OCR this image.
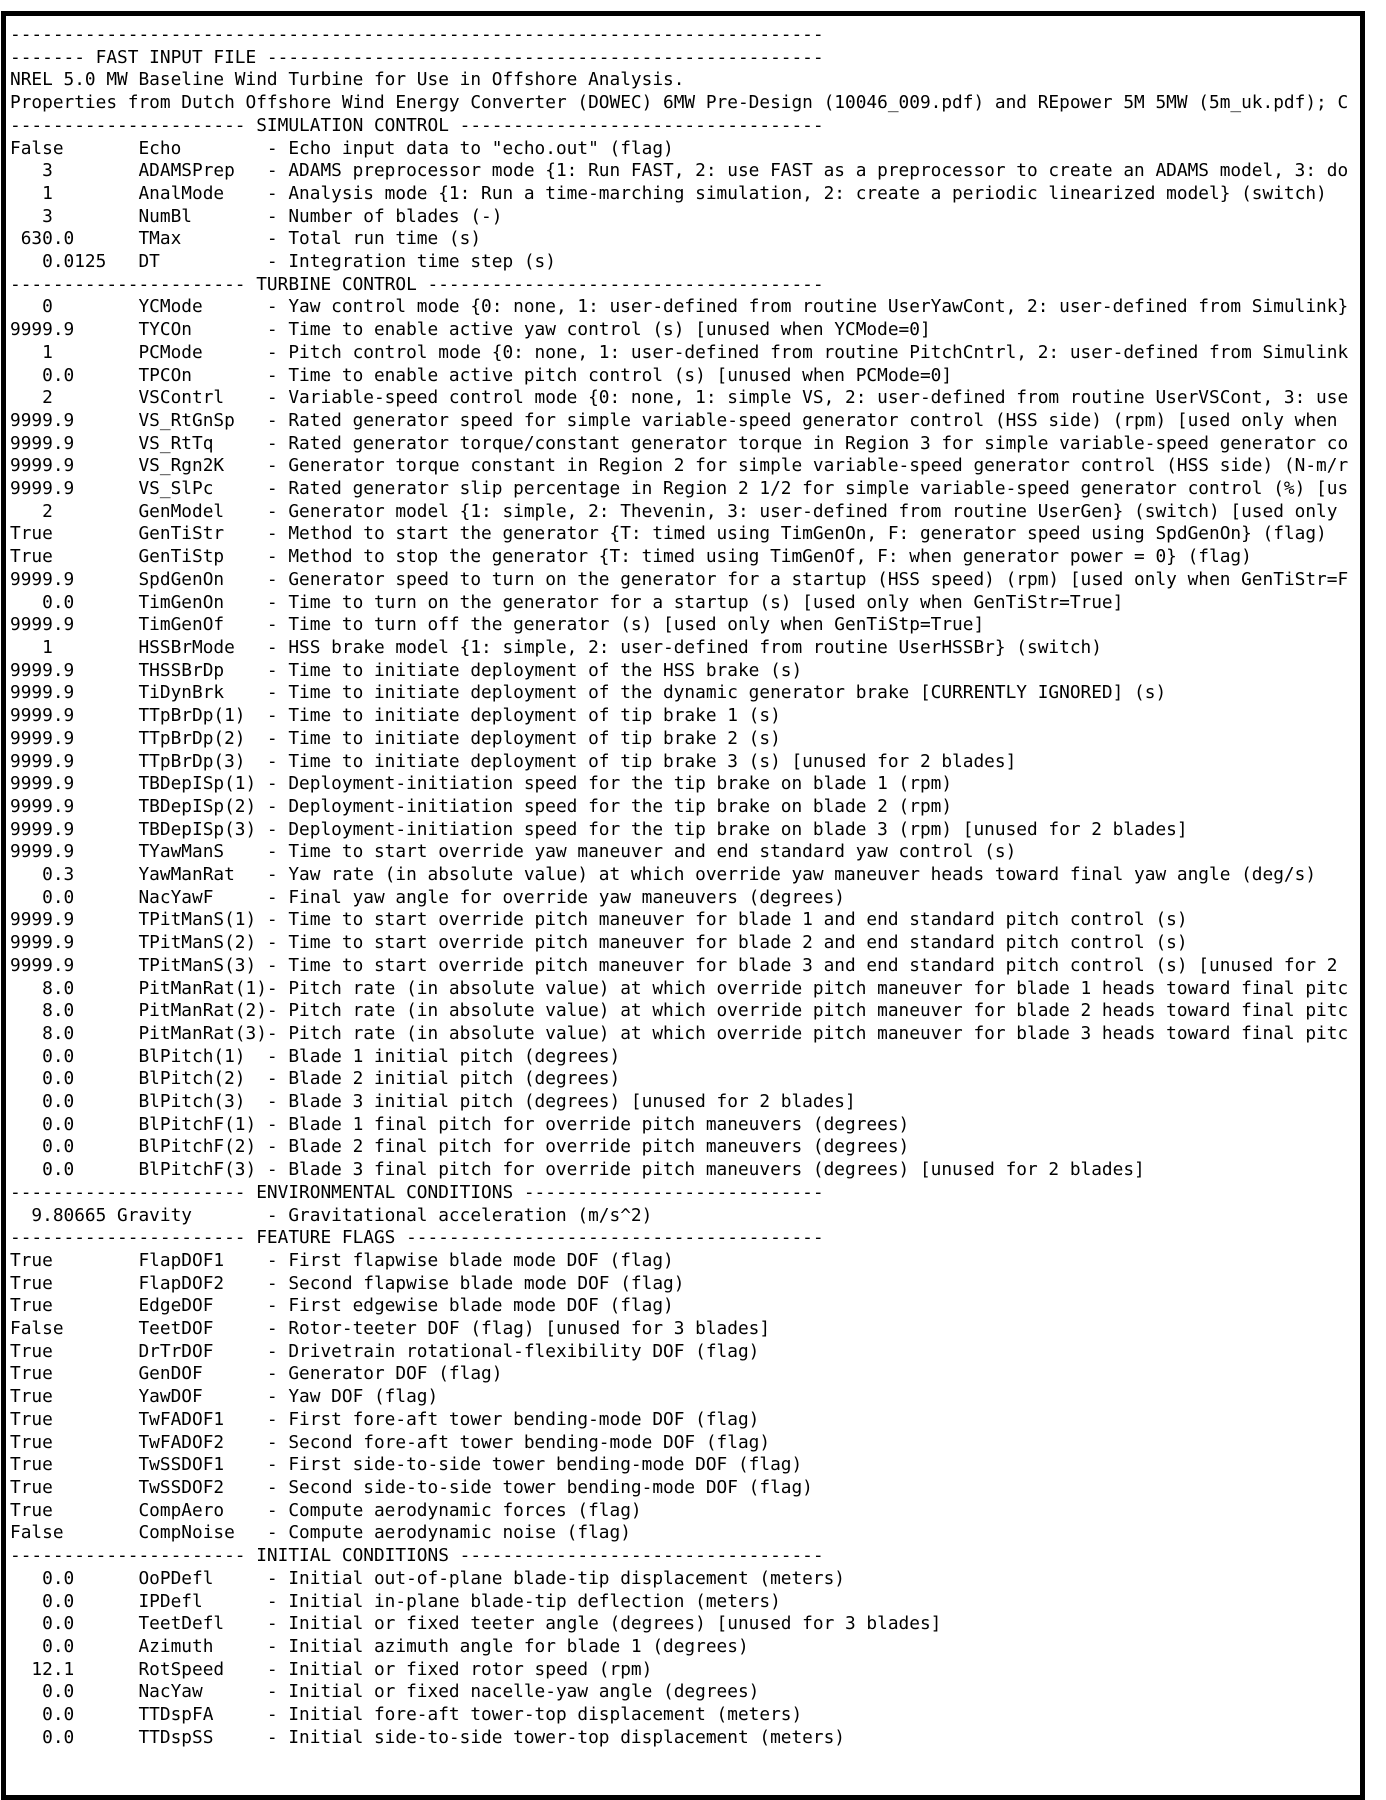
----------------------------------------------------------------------------
------- FAST INPUT FILE ----------------------------------------------------
NREL 5.0 MW Baseline Wind Turbine for Use in Offshore Analysis.
Properties from Dutch Offshore Wind Energy Converter (DOWEC) 6MW Pre-Design (10046_009.pdf) and REpower 5M 5MW (5m_uk.pdf); C
---------------------- SIMULATION CONTROL ----------------------------------
False       Echo        - Echo input data to "echo.out" (flag)
3        ADAMSPrep   - ADAMS preprocessor mode {1: Run FAST, 2: use FAST as a preprocessor to create an ADAMS model, 3: do
1        AnalMode    - Analysis mode {1: Run a time-marching simulation, 2: create a periodic linearized model} (switch)
3        NumBl       - Number of blades (-)
630.0      TMax        - Total run time (s)
0.0125   DT          - Integration time step (s)
---------------------- TURBINE CONTROL -------------------------------------
0        YCMode      - Yaw control mode {0: none, 1: user-defined from routine UserYawCont, 2: user-defined from Simulink}
9999.9      TYCOn       - Time to enable active yaw control (s) [unused when YCMode=0]
1        PCMode      - Pitch control mode {0: none, 1: user-defined from routine PitchCntrl, 2: user-defined from Simulink
0.0      TPCOn       - Time to enable active pitch control (s) [unused when PCMode=0]
2        VSContrl    - Variable-speed control mode {0: none, 1: simple VS, 2: user-defined from routine UserVSCont, 3: use
9999.9      VS_RtGnSp   - Rated generator speed for simple variable-speed generator control (HSS side) (rpm) [used only when
9999.9      VS_RtTq     - Rated generator torque/constant generator torque in Region 3 for simple variable-speed generator co
9999.9      VS_Rgn2K    - Generator torque constant in Region 2 for simple variable-speed generator control (HSS side) (N-m/r
9999.9      VS_SlPc     - Rated generator slip percentage in Region 2 1/2 for simple variable-speed generator control (%) [us
2        GenModel    - Generator model {1: simple, 2: Thevenin, 3: user-defined from routine UserGen} (switch) [used only
True        GenTiStr    - Method to start the generator {T: timed using TimGenOn, F: generator speed using SpdGenOn} (flag)
True        GenTiStp    - Method to stop the generator {T: timed using TimGenOf, F: when generator power = 0} (flag)
9999.9      SpdGenOn    - Generator speed to turn on the generator for a startup (HSS speed) (rpm) [used only when GenTiStr=F
0.0      TimGenOn    - Time to turn on the generator for a startup (s) [used only when GenTiStr=True]
9999.9      TimGenOf    - Time to turn off the generator (s) [used only when GenTiStp=True]
1        HSSBrMode   - HSS brake model {1: simple, 2: user-defined from routine UserHSSBr} (switch)
9999.9      THSSBrDp    - Time to initiate deployment of the HSS brake (s)
9999.9      TiDynBrk    - Time to initiate deployment of the dynamic generator brake [CURRENTLY IGNORED] (s)
9999.9      TTpBrDp(1)  - Time to initiate deployment of tip brake 1 (s)
9999.9      TTpBrDp(2)  - Time to initiate deployment of tip brake 2 (s)
9999.9      TTpBrDp(3)  - Time to initiate deployment of tip brake 3 (s) [unused for 2 blades]
9999.9      TBDepISp(1) - Deployment-initiation speed for the tip brake on blade 1 (rpm)
9999.9      TBDepISp(2) - Deployment-initiation speed for the tip brake on blade 2 (rpm)
9999.9      TBDepISp(3) - Deployment-initiation speed for the tip brake on blade 3 (rpm) [unused for 2 blades]
9999.9      TYawManS    - Time to start override yaw maneuver and end standard yaw control (s)
0.3      YawManRat   - Yaw rate (in absolute value) at which override yaw maneuver heads toward final yaw angle (deg/s)
0.0      NacYawF     - Final yaw angle for override yaw maneuvers (degrees)
9999.9      TPitManS(1) - Time to start override pitch maneuver for blade 1 and end standard pitch control (s)
9999.9      TPitManS(2) - Time to start override pitch maneuver for blade 2 and end standard pitch control (s)
9999.9      TPitManS(3) - Time to start override pitch maneuver for blade 3 and end standard pitch control (s) [unused for 2
8.0      PitManRat(1)- Pitch rate (in absolute value) at which override pitch maneuver for blade 1 heads toward final pitc
8.0      PitManRat(2)- Pitch rate (in absolute value) at which override pitch maneuver for blade 2 heads toward final pitc
8.0      PitManRat(3)- Pitch rate (in absolute value) at which override pitch maneuver for blade 3 heads toward final pitc
0.0      BlPitch(1)  - Blade 1 initial pitch (degrees)
0.0      BlPitch(2)  - Blade 2 initial pitch (degrees)
0.0      BlPitch(3)  - Blade 3 initial pitch (degrees) [unused for 2 blades]
0.0      BlPitchF(1) - Blade 1 final pitch for override pitch maneuvers (degrees)
0.0      BlPitchF(2) - Blade 2 final pitch for override pitch maneuvers (degrees)
0.0      BlPitchF(3) - Blade 3 final pitch for override pitch maneuvers (degrees) [unused for 2 blades]
---------------------- ENVIRONMENTAL CONDITIONS ----------------------------
9.80665 Gravity       - Gravitational acceleration (m/s^2)
---------------------- FEATURE FLAGS ---------------------------------------
True        FlapDOF1    - First flapwise blade mode DOF (flag)
True        FlapDOF2    - Second flapwise blade mode DOF (flag)
True        EdgeDOF     - First edgewise blade mode DOF (flag)
False       TeetDOF     - Rotor-teeter DOF (flag) [unused for 3 blades]
True        DrTrDOF     - Drivetrain rotational-flexibility DOF (flag)
True        GenDOF      - Generator DOF (flag)
True        YawDOF      - Yaw DOF (flag)
True        TwFADOF1    - First fore-aft tower bending-mode DOF (flag)
True        TwFADOF2    - Second fore-aft tower bending-mode DOF (flag)
True        TwSSDOF1    - First side-to-side tower bending-mode DOF (flag)
True        TwSSDOF2    - Second side-to-side tower bending-mode DOF (flag)
True        CompAero    - Compute aerodynamic forces (flag)
False       CompNoise   - Compute aerodynamic noise (flag)
---------------------- INITIAL CONDITIONS ----------------------------------
0.0      OoPDefl     - Initial out-of-plane blade-tip displacement (meters)
0.0      IPDefl      - Initial in-plane blade-tip deflection (meters)
0.0      TeetDefl    - Initial or fixed teeter angle (degrees) [unused for 3 blades]
0.0      Azimuth     - Initial azimuth angle for blade 1 (degrees)
12.1      RotSpeed    - Initial or fixed rotor speed (rpm)
0.0      NacYaw      - Initial or fixed nacelle-yaw angle (degrees)
0.0      TTDspFA     - Initial fore-aft tower-top displacement (meters)
0.0      TTDspSS     - Initial side-to-side tower-top displacement (meters)
